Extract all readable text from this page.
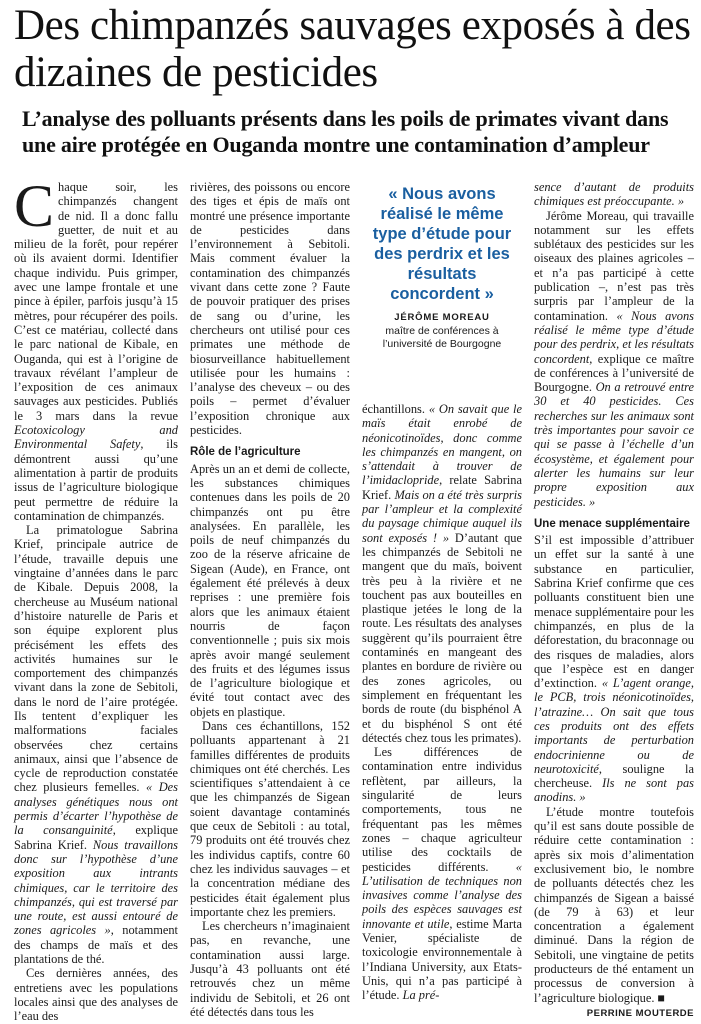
Des chimpanzés sauvages exposés à des dizaines de pesticides
L’analyse des polluants présents dans les poils de primates vivant dans une aire protégée en Ouganda montre une contamination d’ampleur

Chaque soir, les chimpanzés changent de nid. Il a donc fallu guetter, de nuit et au milieu de la forêt, pour repérer où ils avaient dormi. Identifier chaque individu. Puis grimper, avec une lampe frontale et une pince à épiler, parfois jusqu’à 15 mètres, pour récupérer des poils. C’est ce matériau, collecté dans le parc national de Kibale, en Ouganda, qui est à l’origine de travaux révélant l’ampleur de l’exposition de ces animaux sauvages aux pesticides. Publiés le 3 mars dans la revue Ecotoxicology and Environmental Safety, ils démontrent aussi qu’une alimentation à partir de produits issus de l’agriculture biologique peut permettre de réduire la contamination de chimpanzés.

La primatologue Sabrina Krief, principale autrice de l’étude, travaille depuis une vingtaine d’années dans le parc de Kibale. Depuis 2008, la chercheuse au Muséum national d’histoire naturelle de Paris et son équipe explorent plus précisément les effets des activités humaines sur le comportement des chimpanzés vivant dans la zone de Sebitoli, dans le nord de l’aire protégée. Ils tentent d’expliquer les malformations faciales observées chez certains animaux, ainsi que l’absence de cycle de reproduction constatée chez plusieurs femelles. « Des analyses génétiques nous ont permis d’écarter l’hypothèse de la consanguinité, explique Sabrina Krief. Nous travaillons donc sur l’hypothèse d’une exposition aux intrants chimiques, car le territoire des chimpanzés, qui est traversé par une route, est aussi entouré de zones agricoles », notamment des champs de maïs et des plantations de thé.

Ces dernières années, des entretiens avec les populations locales ainsi que des analyses de l’eau des

rivières, des poissons ou encore des tiges et épis de maïs ont montré une présence importante de pesticides dans l’environnement à Sebitoli. Mais comment évaluer la contamination des chimpanzés vivant dans cette zone ? Faute de pouvoir pratiquer des prises de sang ou d’urine, les chercheurs ont utilisé pour ces primates une méthode de biosurveillance habituellement utilisée pour les humains : l’analyse des cheveux – ou des poils – permet d’évaluer l’exposition chronique aux pesticides.

Rôle de l’agriculture

Après un an et demi de collecte, les substances chimiques contenues dans les poils de 20 chimpanzés ont pu être analysées. En parallèle, les poils de neuf chimpanzés du zoo de la réserve africaine de Sigean (Aude), en France, ont également été prélevés à deux reprises : une première fois alors que les animaux étaient nourris de façon conventionnelle ; puis six mois après avoir mangé seulement des fruits et des légumes issus de l’agriculture biologique et évité tout contact avec des objets en plastique.

Dans ces échantillons, 152 polluants appartenant à 21 familles différentes de produits chimiques ont été cherchés. Les scientifiques s’attendaient à ce que les chimpanzés de Sigean soient davantage contaminés que ceux de Sebitoli : au total, 79 produits ont été trouvés chez les individus captifs, contre 60 chez les individus sauvages – et la concentration médiane des pesticides était également plus importante chez les premiers.

Les chercheurs n’imaginaient pas, en revanche, une contamination aussi large. Jusqu’à 43 polluants ont été retrouvés chez un même individu de Sebitoli, et 26 ont été détectés dans tous les

« Nous avons réalisé le même type d’étude pour des perdrix et les résultats concordent »
JÉRÔME MOREAU
maître de conférences à l’université de Bourgogne

échantillons. « On savait que le maïs était enrobé de néonicotinoïdes, donc comme les chimpanzés en mangent, on s’attendait à trouver de l’imidaclopride, relate Sabrina Krief. Mais on a été très surpris par l’ampleur et la complexité du paysage chimique auquel ils sont exposés ! » D’autant que les chimpanzés de Sebitoli ne mangent que du maïs, boivent très peu à la rivière et ne touchent pas aux bouteilles en plastique jetées le long de la route. Les résultats des analyses suggèrent qu’ils pourraient être contaminés en mangeant des plantes en bordure de rivière ou des zones agricoles, ou simplement en fréquentant les bords de route (du bisphénol A et du bisphénol S ont été détectés chez tous les primates).

Les différences de contamination entre individus reflètent, par ailleurs, la singularité de leurs comportements, tous ne fréquentant pas les mêmes zones – chaque agriculteur utilise des cocktails de pesticides différents. « L’utilisation de techniques non invasives comme l’analyse des poils des espèces sauvages est innovante et utile, estime Marta Venier, spécialiste de toxicologie environnementale à l’Indiana University, aux Etats-Unis, qui n’a pas participé à l’étude. La pré-

sence d’autant de produits chimiques est préoccupante. »

Jérôme Moreau, qui travaille notamment sur les effets sublétaux des pesticides sur les oiseaux des plaines agricoles – et n’a pas participé à cette publication –, n’est pas très surpris par l’ampleur de la contamination. « Nous avons réalisé le même type d’étude pour des perdrix, et les résultats concordent, explique ce maître de conférences à l’université de Bourgogne. On a retrouvé entre 30 et 40 pesticides. Ces recherches sur les animaux sont très importantes pour savoir ce qui se passe à l’échelle d’un écosystème, et également pour alerter les humains sur leur propre exposition aux pesticides. »

Une menace supplémentaire

S’il est impossible d’attribuer un effet sur la santé à une substance en particulier, Sabrina Krief confirme que ces polluants constituent bien une menace supplémentaire pour les chimpanzés, en plus de la déforestation, du braconnage ou des risques de maladies, alors que l’espèce est en danger d’extinction. « L’agent orange, le PCB, trois néonicotinoïdes, l’atrazine… On sait que tous ces produits ont des effets importants de perturbation endocrinienne ou de neurotoxicité, souligne la chercheuse. Ils ne sont pas anodins. »

L’étude montre toutefois qu’il est sans doute possible de réduire cette contamination : après six mois d’alimentation exclusivement bio, le nombre de polluants détectés chez les chimpanzés de Sigean a baissé (de 79 à 63) et leur concentration a également diminué. Dans la région de Sebitoli, une vingtaine de petits producteurs de thé entament un processus de conversion à l’agriculture biologique. ■

PERRINE MOUTERDE
